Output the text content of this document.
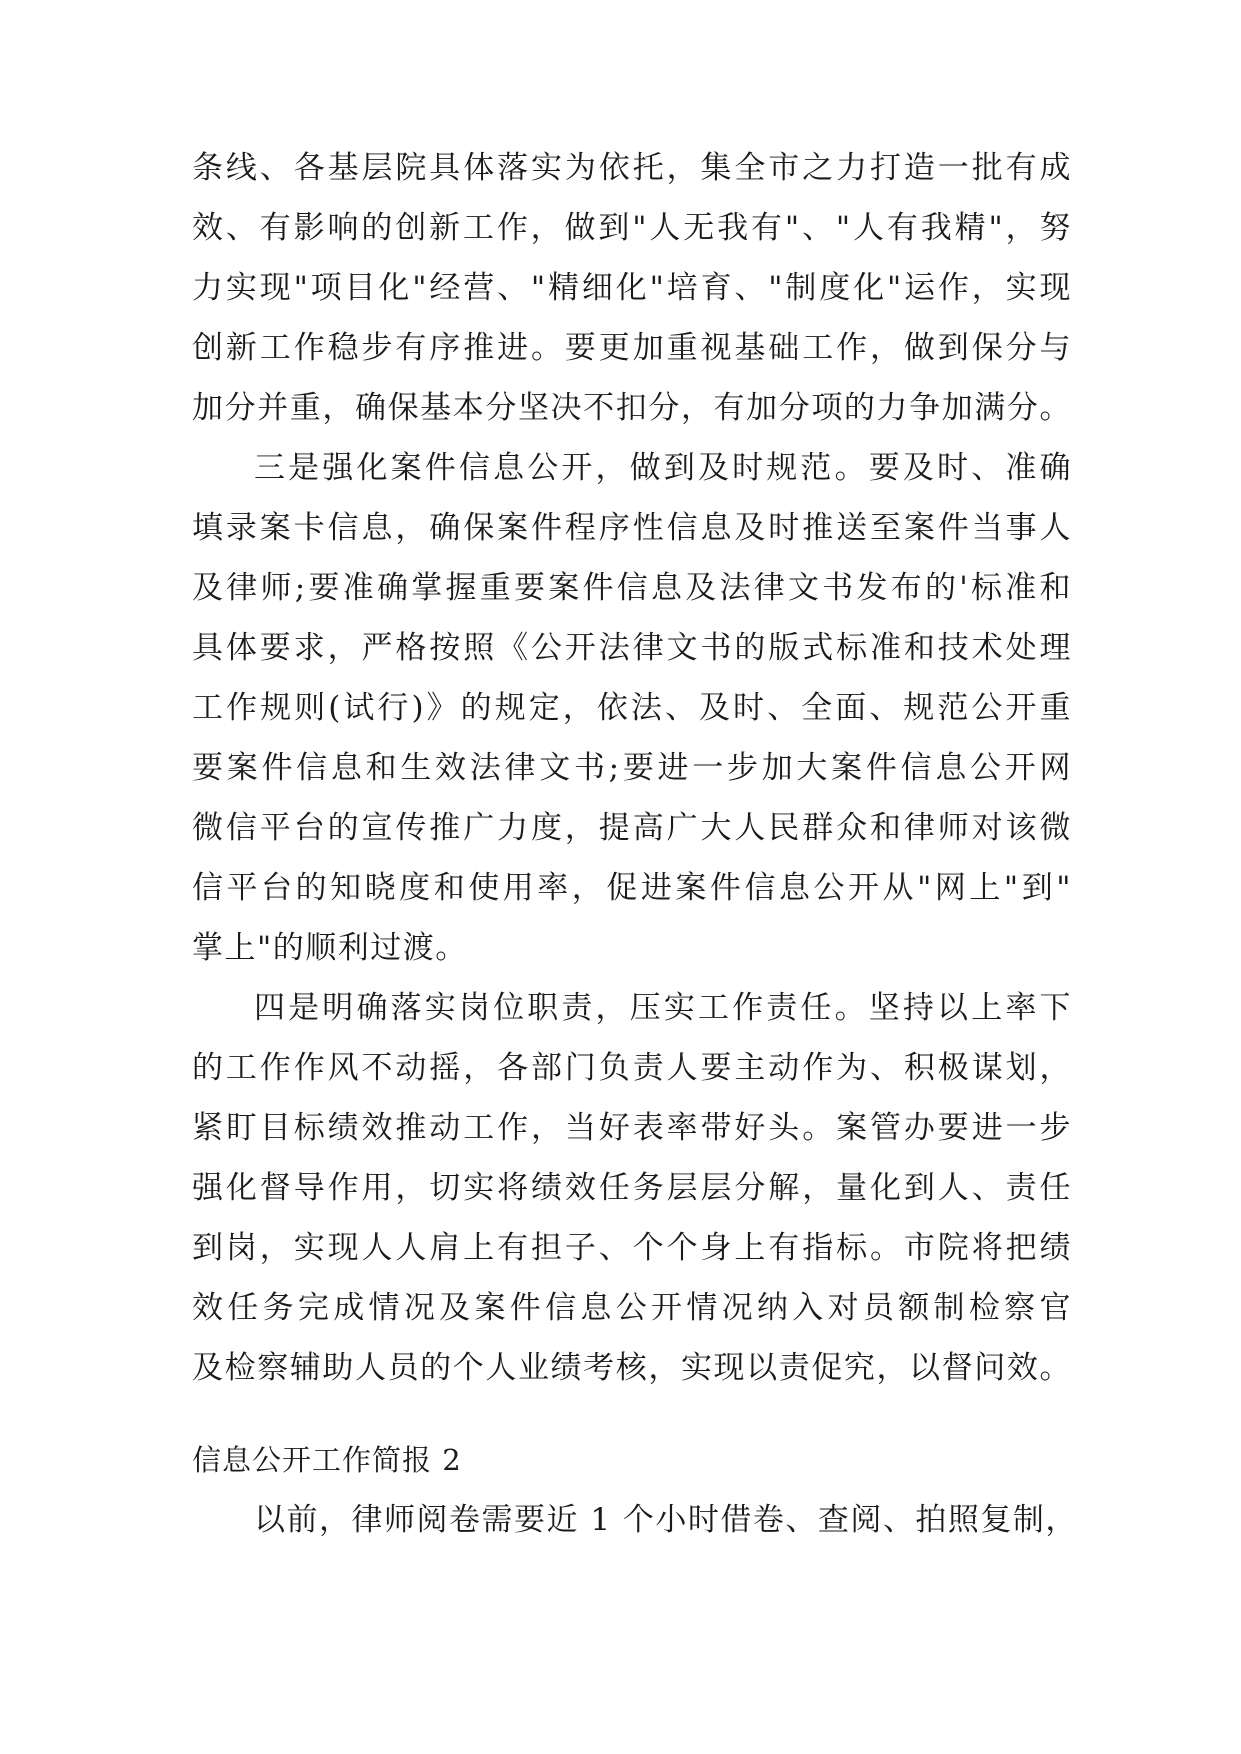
条线、各基层院具体落实为依托，集全市之力打造一批有成
效、有影响的创新工作，做到"人无我有"、"人有我精"，努
力实现"项目化"经营、"精细化"培育、"制度化"运作，实现
创新工作稳步有序推进。要更加重视基础工作，做到保分与
加分并重，确保基本分坚决不扣分，有加分项的力争加满分。
三是强化案件信息公开，做到及时规范。要及时、准确
填录案卡信息，确保案件程序性信息及时推送至案件当事人
及律师;要准确掌握重要案件信息及法律文书发布的'标准和
具体要求，严格按照《公开法律文书的版式标准和技术处理
工作规则(试行)》的规定，依法、及时、全面、规范公开重
要案件信息和生效法律文书;要进一步加大案件信息公开网
微信平台的宣传推广力度，提高广大人民群众和律师对该微
信平台的知晓度和使用率，促进案件信息公开从"网上"到"
掌上"的顺利过渡。
四是明确落实岗位职责，压实工作责任。坚持以上率下
的工作作风不动摇，各部门负责人要主动作为、积极谋划，
紧盯目标绩效推动工作，当好表率带好头。案管办要进一步
强化督导作用，切实将绩效任务层层分解，量化到人、责任
到岗，实现人人肩上有担子、个个身上有指标。市院将把绩
效任务完成情况及案件信息公开情况纳入对员额制检察官
及检察辅助人员的个人业绩考核，实现以责促究，以督问效。
信息公开工作简报 2
以前，律师阅卷需要近 1 个小时借卷、查阅、拍照复制，
